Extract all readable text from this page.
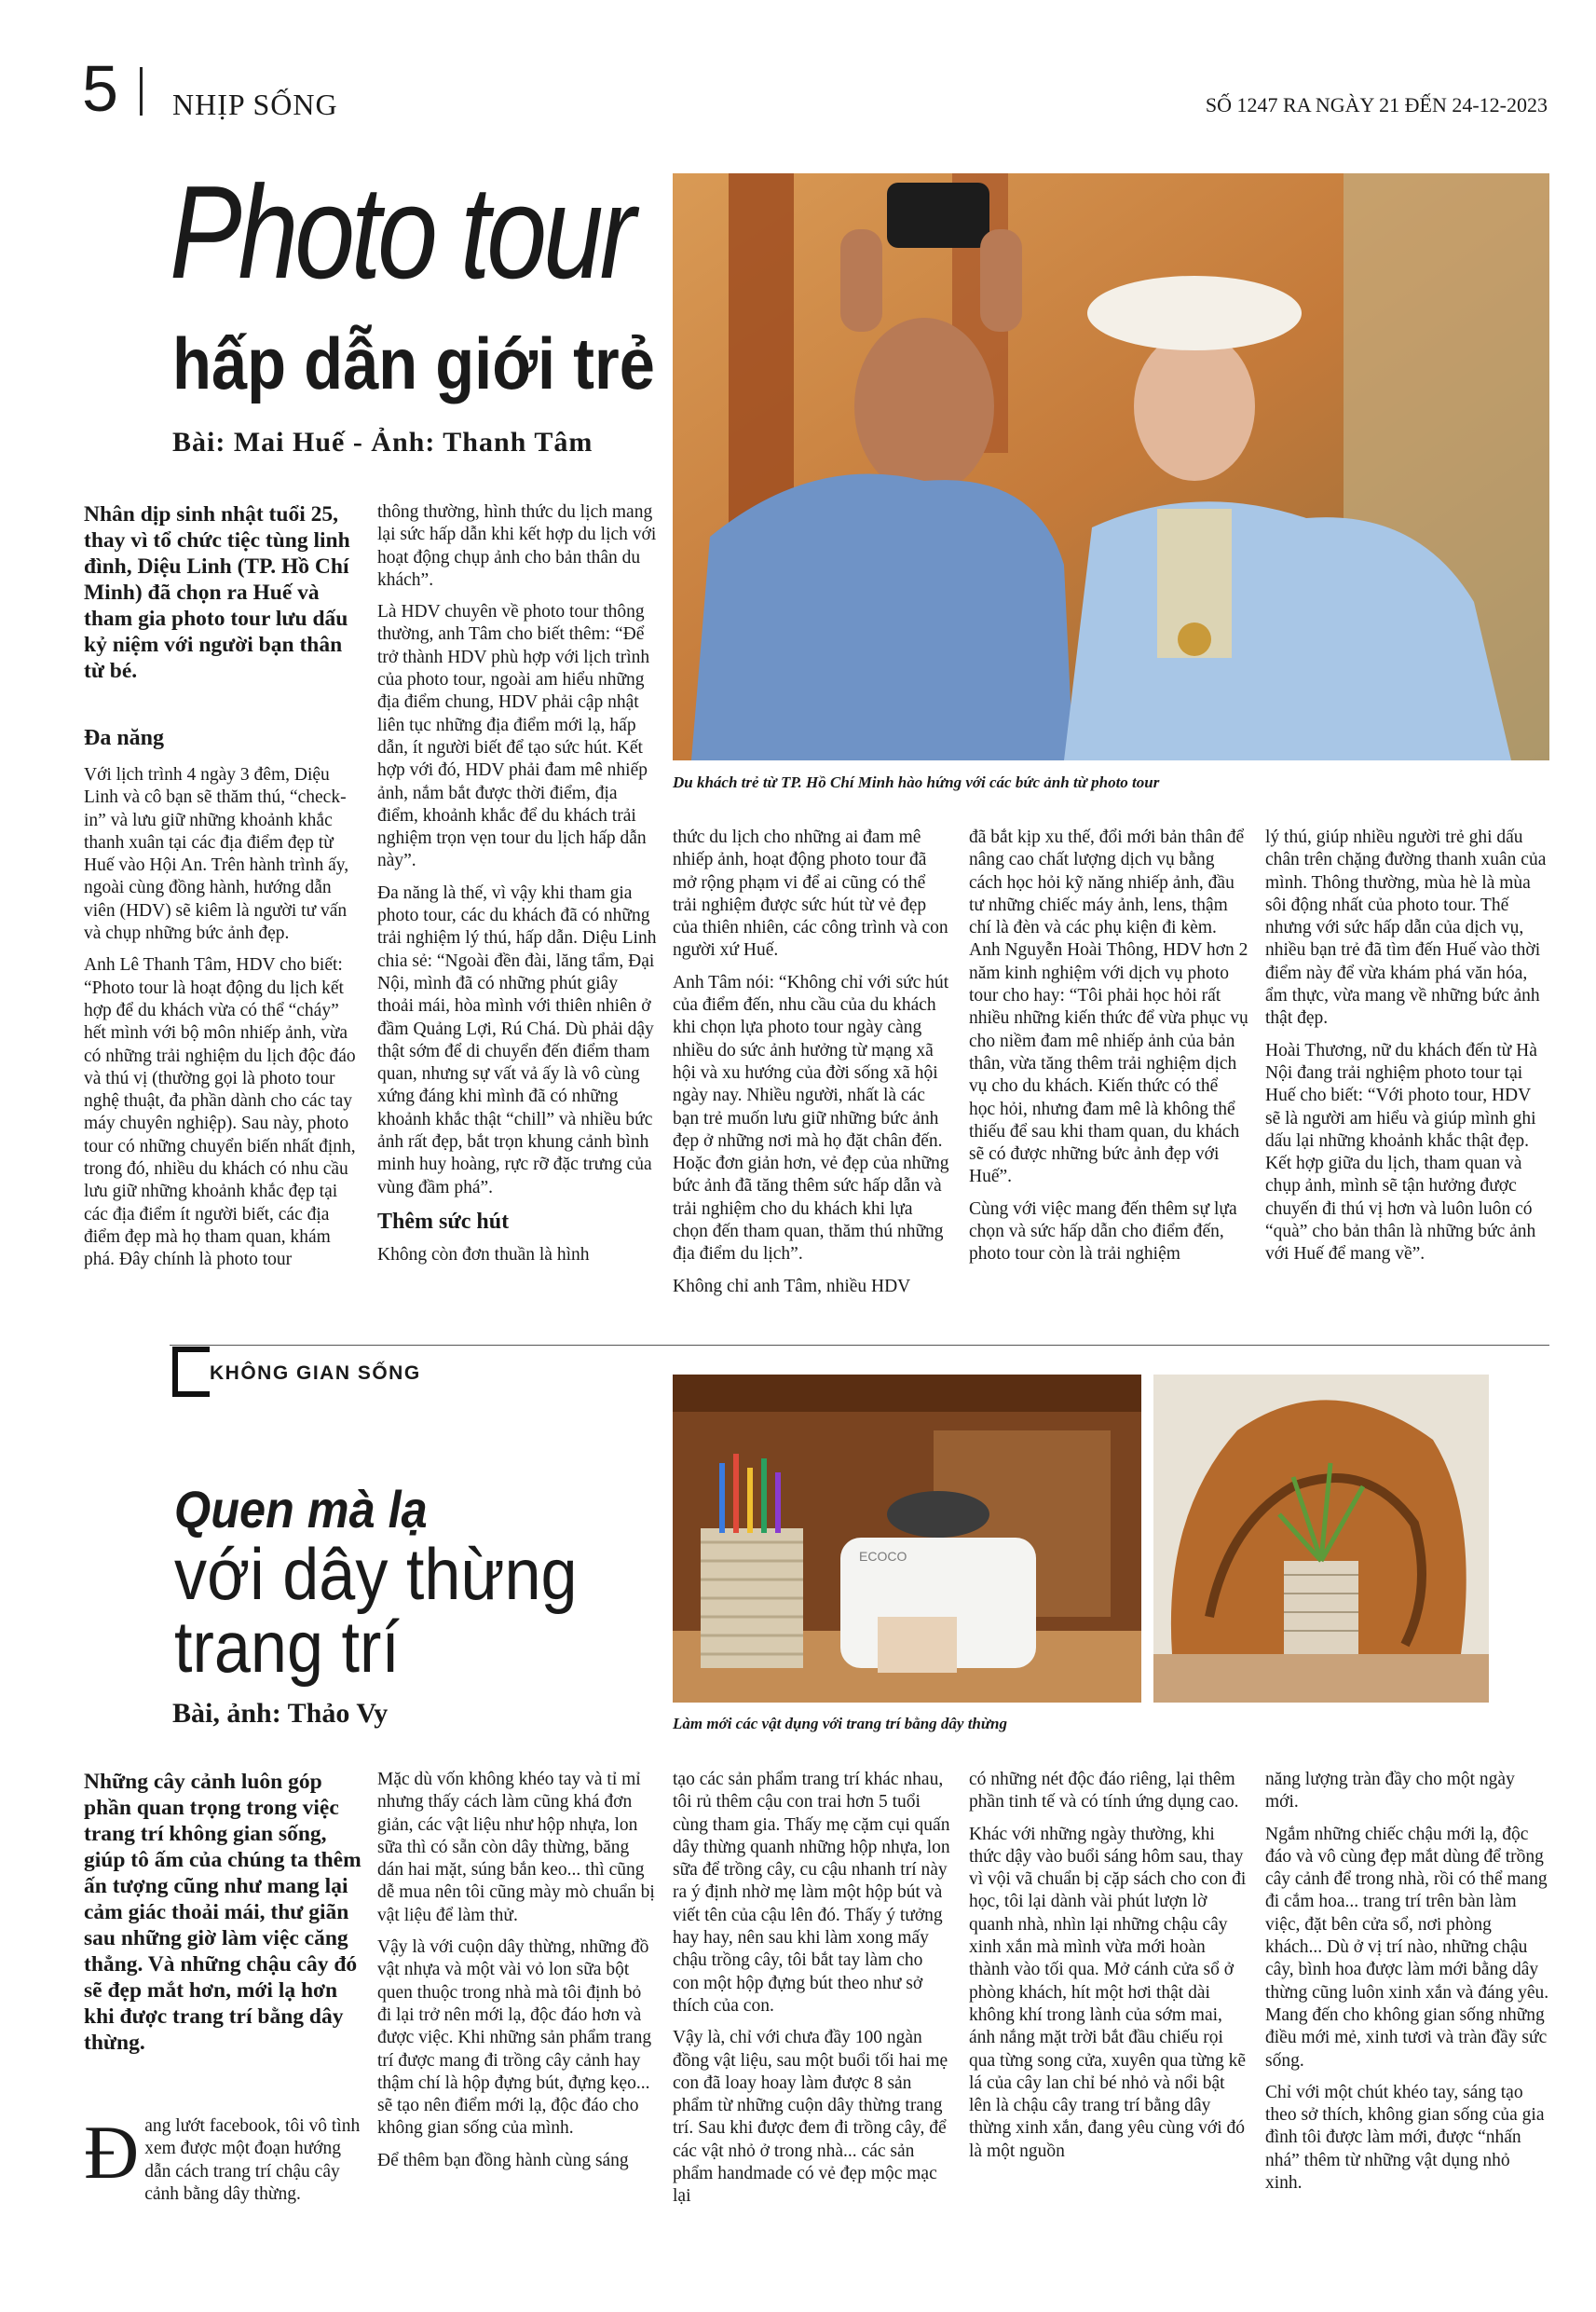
5 NHỊP SỐNG	SỐ 1247 RA NGÀY 21 ĐẾN 24-12-2023
Photo tour
hấp dẫn giới trẻ
Bài: Mai Huế - Ảnh: Thanh Tâm
Du khách trẻ từ TP. Hồ Chí Minh hào hứng với các bức ảnh từ photo tour
Nhân dịp sinh nhật tuổi 25, thay vì tổ chức tiệc tùng linh đình, Diệu Linh (TP. Hồ Chí Minh) đã chọn ra Huế và tham gia photo tour lưu dấu kỷ niệm với người bạn thân từ bé.
Đa năng

Với lịch trình 4 ngày 3 đêm, Diệu Linh và cô bạn sẽ thăm thú, “check-in” và lưu giữ những khoảnh khắc thanh xuân tại các địa điểm đẹp từ Huế vào Hội An. Trên hành trình ấy, ngoài cùng đồng hành, hướng dẫn viên (HDV) sẽ kiêm là người tư vấn và chụp những bức ảnh đẹp.

Anh Lê Thanh Tâm, HDV cho biết: “Photo tour là hoạt động du lịch kết hợp để du khách vừa có thể “cháy” hết mình với bộ môn nhiếp ảnh, vừa có những trải nghiệm du lịch độc đáo và thú vị (thường gọi là photo tour nghệ thuật, đa phần dành cho các tay máy chuyên nghiệp). Sau này, photo tour có những chuyển biến nhất định, trong đó, nhiều du khách có nhu cầu lưu giữ những khoảnh khắc đẹp tại các địa điểm ít người biết, các địa điểm đẹp mà họ tham quan, khám phá. Đây chính là photo tour

thông thường, hình thức du lịch mang lại sức hấp dẫn khi kết hợp du lịch với hoạt động chụp ảnh cho bản thân du khách”.

Là HDV chuyên về photo tour thông thường, anh Tâm cho biết thêm: “Để trở thành HDV phù hợp với lịch trình của photo tour, ngoài am hiểu những địa điểm chung, HDV phải cập nhật liên tục những địa điểm mới lạ, hấp dẫn, ít người biết để tạo sức hút. Kết hợp với đó, HDV phải đam mê nhiếp ảnh, nắm bắt được thời điểm, địa điểm, khoảnh khắc để du khách trải nghiệm trọn vẹn tour du lịch hấp dẫn này”.

Đa năng là thế, vì vậy khi tham gia photo tour, các du khách đã có những trải nghiệm lý thú, hấp dẫn. Diệu Linh chia sẻ: “Ngoài đền đài, lăng tẩm, Đại Nội, mình đã có những phút giây thoải mái, hòa mình với thiên nhiên ở đầm Quảng Lợi, Rú Chá. Dù phải dậy thật sớm để di chuyển đến điểm tham quan, nhưng sự vất vả ấy là vô cùng xứng đáng khi mình đã có những khoảnh khắc thật “chill” và nhiều bức ảnh rất đẹp, bắt trọn khung cảnh bình minh huy hoàng, rực rỡ đặc trưng của vùng đầm phá”.

Thêm sức hút

Không còn đơn thuần là hình

thức du lịch cho những ai đam mê nhiếp ảnh, hoạt động photo tour đã mở rộng phạm vi để ai cũng có thể trải nghiệm được sức hút từ vẻ đẹp của thiên nhiên, các công trình và con người xứ Huế.

Anh Tâm nói: “Không chỉ với sức hút của điểm đến, nhu cầu của du khách khi chọn lựa photo tour ngày càng nhiều do sức ảnh hưởng từ mạng xã hội và xu hướng của đời sống xã hội ngày nay. Nhiều người, nhất là các bạn trẻ muốn lưu giữ những bức ảnh đẹp ở những nơi mà họ đặt chân đến. Hoặc đơn giản hơn, vẻ đẹp của những bức ảnh đã tăng thêm sức hấp dẫn và trải nghiệm cho du khách khi lựa chọn đến tham quan, thăm thú những địa điểm du lịch”.

Không chỉ anh Tâm, nhiều HDV

đã bắt kịp xu thế, đổi mới bản thân để nâng cao chất lượng dịch vụ bằng cách học hỏi kỹ năng nhiếp ảnh, đầu tư những chiếc máy ảnh, lens, thậm chí là đèn và các phụ kiện đi kèm. Anh Nguyễn Hoài Thông, HDV hơn 2 năm kinh nghiệm với dịch vụ photo tour cho hay: “Tôi phải học hỏi rất nhiều những kiến thức để vừa phục vụ cho niềm đam mê nhiếp ảnh của bản thân, vừa tăng thêm trải nghiệm dịch vụ cho du khách. Kiến thức có thể học hỏi, nhưng đam mê là không thể thiếu để sau khi tham quan, du khách sẽ có được những bức ảnh đẹp với Huế”.

Cùng với việc mang đến thêm sự lựa chọn và sức hấp dẫn cho điểm đến, photo tour còn là trải nghiệm

lý thú, giúp nhiều người trẻ ghi dấu chân trên chặng đường thanh xuân của mình. Thông thường, mùa hè là mùa sôi động nhất của photo tour. Thế nhưng với sức hấp dẫn của dịch vụ, nhiều bạn trẻ đã tìm đến Huế vào thời điểm này để vừa khám phá văn hóa, ẩm thực, vừa mang về những bức ảnh thật đẹp.

Hoài Thương, nữ du khách đến từ Hà Nội đang trải nghiệm photo tour tại Huế cho biết: “Với photo tour, HDV sẽ là người am hiểu và giúp mình ghi dấu lại những khoảnh khắc thật đẹp. Kết hợp giữa du lịch, tham quan và chụp ảnh, mình sẽ tận hưởng được chuyến đi thú vị hơn và luôn luôn có “quà” cho bản thân là những bức ảnh với Huế để mang về”.

KHÔNG GIAN SỐNG
Quen mà lạ
với dây thừng
trang trí
Bài, ảnh: Thảo Vy
ECOCO
Làm mới các vật dụng với trang trí bằng dây thừng
Những cây cảnh luôn góp phần quan trọng trong việc trang trí không gian sống, giúp tô ấm của chúng ta thêm ấn tượng cũng như mang lại cảm giác thoải mái, thư giãn sau những giờ làm việc căng thẳng. Và những chậu cây đó sẽ đẹp mắt hơn, mới lạ hơn khi được trang trí bằng dây thừng.
Đ ang lướt facebook, tôi vô tình xem được một đoạn hướng dẫn cách trang trí chậu cây cảnh bằng dây thừng.

Mặc dù vốn không khéo tay và tỉ mỉ nhưng thấy cách làm cũng khá đơn giản, các vật liệu như hộp nhựa, lon sữa thì có sẵn còn dây thừng, băng dán hai mặt, súng bắn keo... thì cũng dễ mua nên tôi cũng mày mò chuẩn bị vật liệu để làm thử.

Vậy là với cuộn dây thừng, những đồ vật nhựa và một vài vỏ lon sữa bột quen thuộc trong nhà mà tôi định bỏ đi lại trở nên mới lạ, độc đáo hơn và được việc. Khi những sản phẩm trang trí được mang đi trồng cây cảnh hay thậm chí là hộp đựng bút, đựng kẹo... sẽ tạo nên điểm mới lạ, độc đáo cho không gian sống của mình.

Để thêm bạn đồng hành cùng sáng

tạo các sản phẩm trang trí khác nhau, tôi rủ thêm cậu con trai hơn 5 tuổi cùng tham gia. Thấy mẹ cặm cụi quấn dây thừng quanh những hộp nhựa, lon sữa để trồng cây, cu cậu nhanh trí này ra ý định nhờ mẹ làm một hộp bút và viết tên của cậu lên đó. Thấy ý tưởng hay hay, nên sau khi làm xong mấy chậu trồng cây, tôi bắt tay làm cho con một hộp đựng bút theo như sở thích của con.

Vậy là, chỉ với chưa đầy 100 ngàn đồng vật liệu, sau một buổi tối hai mẹ con đã loay hoay làm được 8 sản phẩm từ những cuộn dây thừng trang trí. Sau khi được đem đi trồng cây, để các vật nhỏ ở trong nhà... các sản phẩm handmade có vẻ đẹp mộc mạc lại

có những nét độc đáo riêng, lại thêm phần tinh tế và có tính ứng dụng cao.

Khác với những ngày thường, khi thức dậy vào buổi sáng hôm sau, thay vì vội vã chuẩn bị cặp sách cho con đi học, tôi lại dành vài phút lượn lờ quanh nhà, nhìn lại những chậu cây xinh xắn mà mình vừa mới hoàn thành vào tối qua. Mở cánh cửa sổ ở phòng khách, hít một hơi thật dài không khí trong lành của sớm mai, ánh nắng mặt trời bắt đầu chiếu rọi qua từng song cửa, xuyên qua từng kẽ lá của cây lan chỉ bé nhỏ và nổi bật lên là chậu cây trang trí bằng dây thừng xinh xắn, đang yêu cùng với đó là một nguồn

năng lượng tràn đầy cho một ngày mới.

Ngắm những chiếc chậu mới lạ, độc đáo và vô cùng đẹp mắt dùng để trồng cây cảnh để trong nhà, rồi có thể mang đi cắm hoa... trang trí trên bàn làm việc, đặt bên cửa sổ, nơi phòng khách... Dù ở vị trí nào, những chậu cây, bình hoa được làm mới bằng dây thừng cũng luôn xinh xắn và đáng yêu. Mang đến cho không gian sống những điều mới mẻ, xinh tươi và tràn đầy sức sống.

Chỉ với một chút khéo tay, sáng tạo theo sở thích, không gian sống của gia đình tôi được làm mới, được “nhấn nhá” thêm từ những vật dụng nhỏ xinh.
